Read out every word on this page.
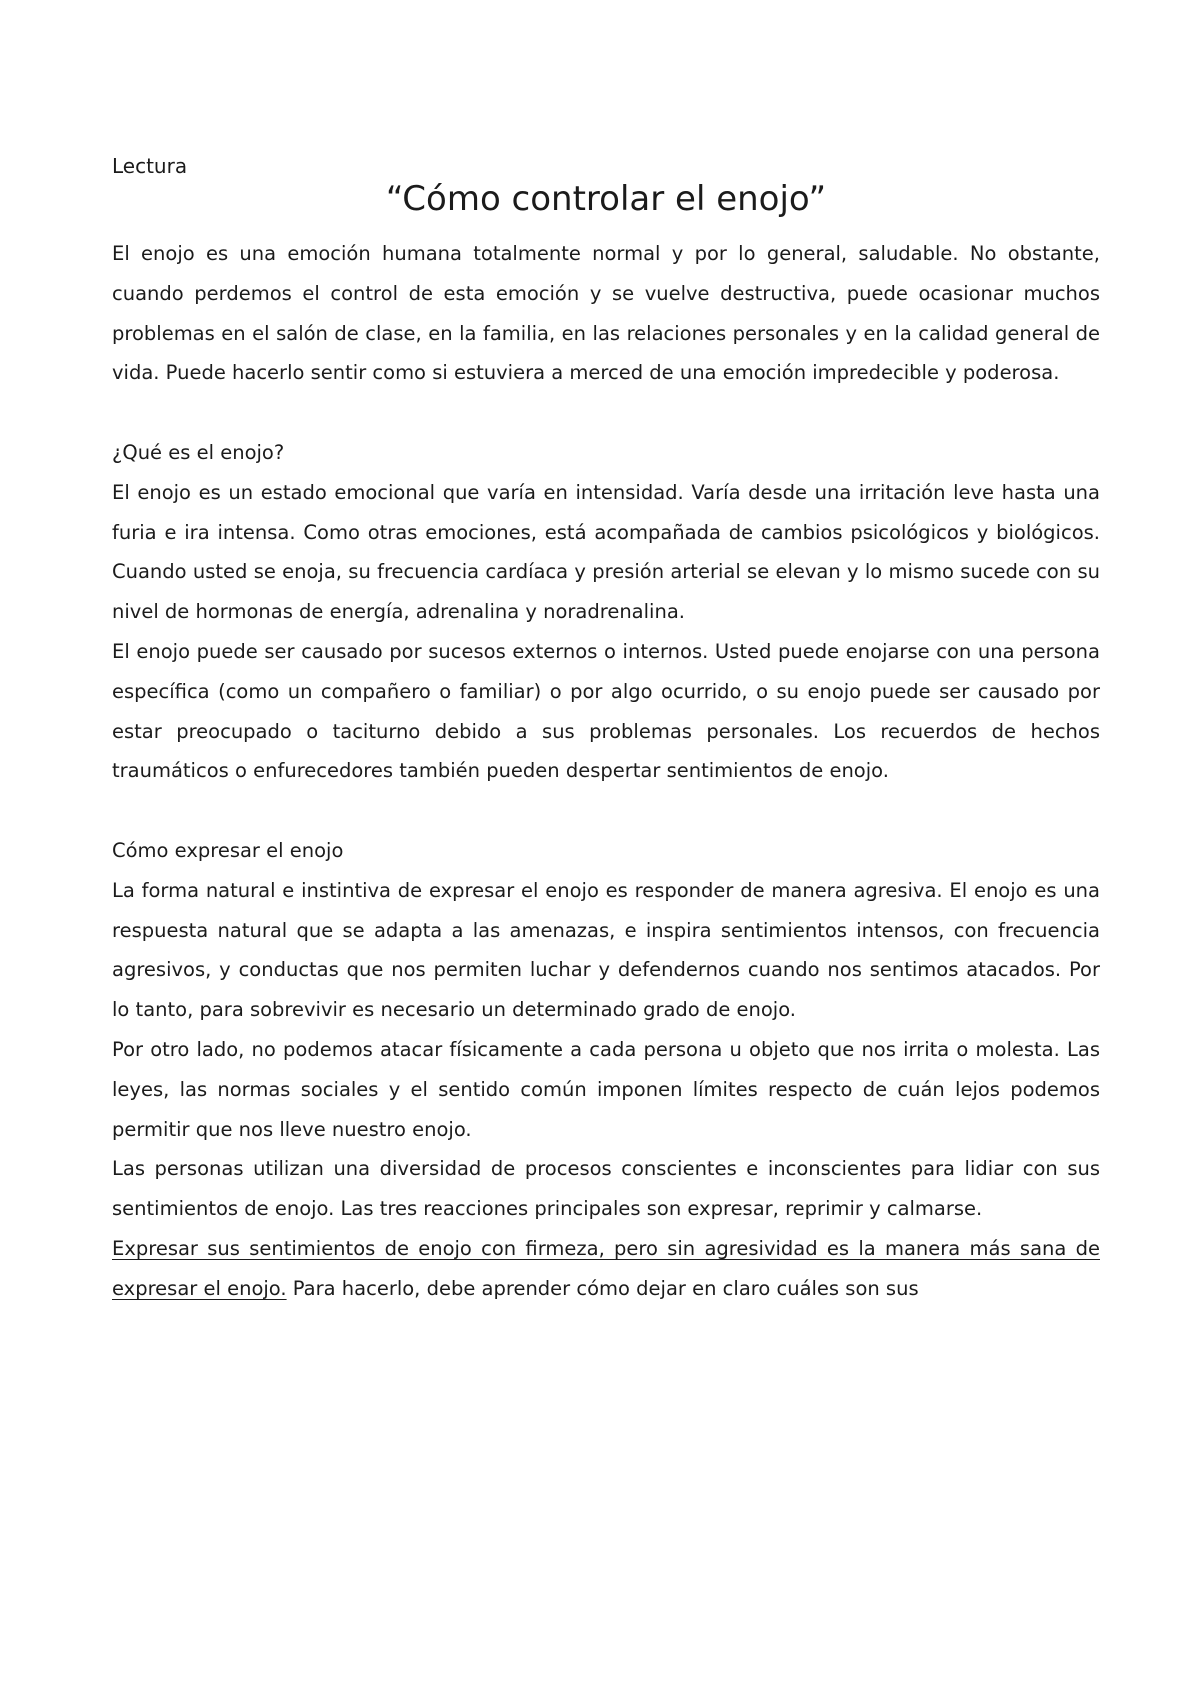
Lectura
“Cómo controlar el enojo”

El enojo es una emoción humana totalmente normal y por lo general, saludable. No obstante, cuando perdemos el control de esta emoción y se vuelve destructiva, puede ocasionar muchos problemas en el salón de clase, en la familia, en las relaciones personales y en la calidad general de vida. Puede hacerlo sentir como si estuviera a merced de una emoción impredecible y poderosa.

¿Qué es el enojo?

El enojo es un estado emocional que varía en intensidad. Varía desde una irritación leve hasta una furia e ira intensa. Como otras emociones, está acompañada de cambios psicológicos y biológicos. Cuando usted se enoja, su frecuencia cardíaca y presión arterial se elevan y lo mismo sucede con su nivel de hormonas de energía, adrenalina y noradrenalina.

El enojo puede ser causado por sucesos externos o internos. Usted puede enojarse con una persona específica (como un compañero o familiar) o por algo ocurrido, o su enojo puede ser causado por estar preocupado o taciturno debido a sus problemas personales. Los recuerdos de hechos traumáticos o enfurecedores también pueden despertar sentimientos de enojo.

Cómo expresar el enojo

La forma natural e instintiva de expresar el enojo es responder de manera agresiva. El enojo es una respuesta natural que se adapta a las amenazas, e inspira sentimientos intensos, con frecuencia agresivos, y conductas que nos permiten luchar y defendernos cuando nos sentimos atacados. Por lo tanto, para sobrevivir es necesario un determinado grado de enojo.

Por otro lado, no podemos atacar físicamente a cada persona u objeto que nos irrita o molesta. Las leyes, las normas sociales y el sentido común imponen límites respecto de cuán lejos podemos permitir que nos lleve nuestro enojo.

Las personas utilizan una diversidad de procesos conscientes e inconscientes para lidiar con sus sentimientos de enojo. Las tres reacciones principales son expresar, reprimir y calmarse.

Expresar sus sentimientos de enojo con firmeza, pero sin agresividad es la manera más sana de expresar el enojo. Para hacerlo, debe aprender cómo dejar en claro cuáles son sus
